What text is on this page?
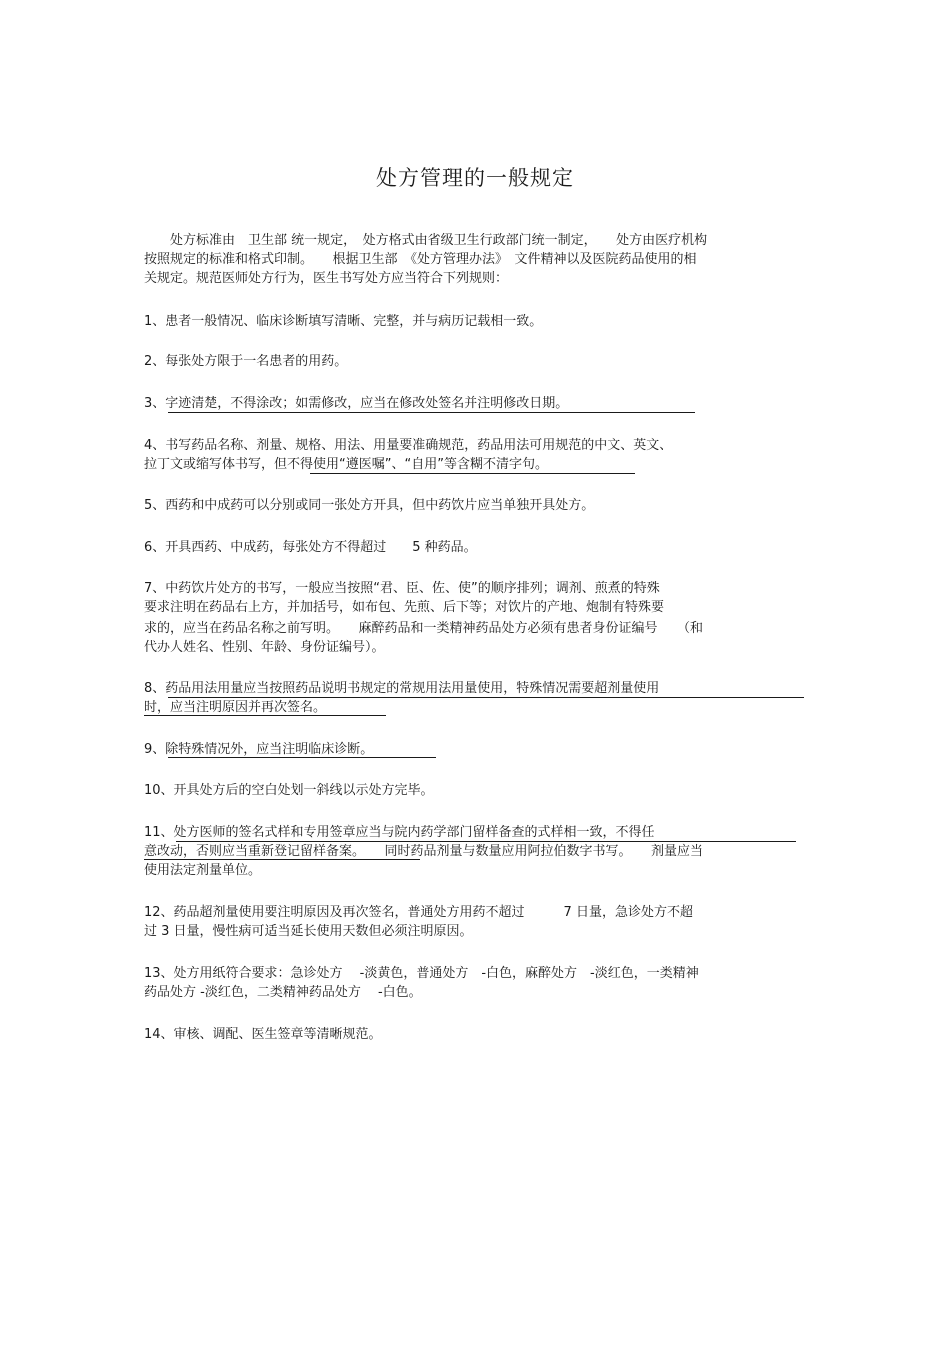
处方管理的一般规定
　　处方标准由　卫生部 统一规定，　处方格式由省级卫生行政部门统一制定，　　处方由医疗机构
按照规定的标准和格式印制。　　根据卫生部　《处方管理办法》　文件精神以及医院药品使用的相
关规定。规范医师处方行为，医生书写处方应当符合下列规则：
1、患者一般情况、临床诊断填写清晰、完整，并与病历记载相一致。
2、每张处方限于一名患者的用药。
3、字迹清楚，不得涂改；如需修改，应当在修改处签名并注明修改日期。
4、书写药品名称、剂量、规格、用法、用量要准确规范，药品用法可用规范的中文、英文、
拉丁文或缩写体书写，但不得使用“遵医嘱”、“自用”等含糊不清字句。
5、西药和中成药可以分别或同一张处方开具，但中药饮片应当单独开具处方。
6、开具西药、中成药，每张处方不得超过　　5 种药品。
7、中药饮片处方的书写，一般应当按照“君、臣、佐、使”的顺序排列；调剂、煎煮的特殊
要求注明在药品右上方，并加括号，如布包、先煎、后下等；对饮片的产地、炮制有特殊要
求的，应当在药品名称之前写明。　　麻醉药品和一类精神药品处方必须有患者身份证编号　　（和
代办人姓名、性别、年龄、身份证编号）。
8、药品用法用量应当按照药品说明书规定的常规用法用量使用，特殊情况需要超剂量使用
时，应当注明原因并再次签名。
9、除特殊情况外，应当注明临床诊断。
10、开具处方后的空白处划一斜线以示处方完毕。
11、处方医师的签名式样和专用签章应当与院内药学部门留样备查的式样相一致，不得任
意改动，否则应当重新登记留样备案。　　同时药品剂量与数量应用阿拉伯数字书写。　　剂量应当
使用法定剂量单位。
12、药品超剂量使用要注明原因及再次签名，普通处方用药不超过　　　7 日量，急诊处方不超
过 3 日量，慢性病可适当延长使用天数但必须注明原因。
13、处方用纸符合要求：急诊处方　 -淡黄色，普通处方　-白色，麻醉处方　-淡红色，一类精神
药品处方 -淡红色，二类精神药品处方　 -白色。
14、审核、调配、医生签章等清晰规范。
